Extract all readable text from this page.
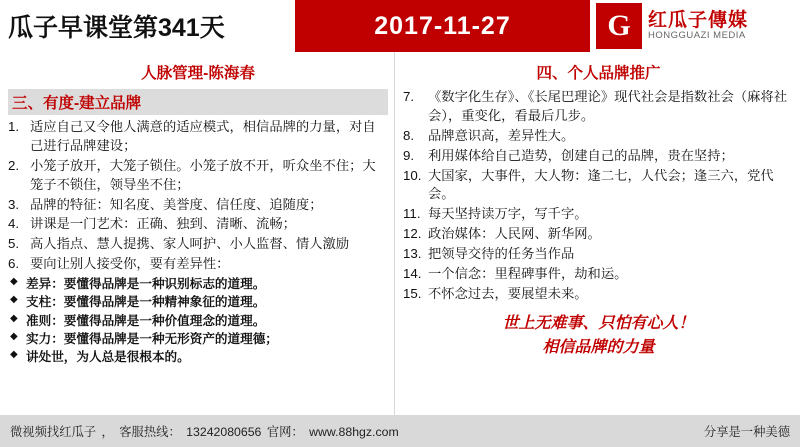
瓜子早课堂第341天	2017-11-27	G 红瓜子傳媒
HONGGUAZI MEDIA
人脉管理-陈海春
三、有度-建立品牌
适应自己又令他人满意的适应模式，相信品牌的力量，对自己进行品牌建设；
小笼子放开，大笼子锁住。小笼子放不开，听众坐不住；大笼子不锁住，领导坐不住；
品牌的特征：知名度、美誉度、信任度、追随度；
讲课是一门艺术：正确、独到、清晰、流畅；
高人指点、慧人提携、家人呵护、小人监督、情人激励
要向让别人接受你，要有差异性：
◆ 差异：要懂得品牌是一种识别标志的道理。
◆ 支柱：要懂得品牌是一种精神象征的道理。
◆ 准则：要懂得品牌是一种价值理念的道理。
◆ 实力：要懂得品牌是一种无形资产的道理德；
◆ 讲处世，为人总是很根本的。
四、个人品牌推广
《数字化生存》、《长尾巴理论》现代社会是指数社会（麻将社会），重变化，看最后几步。
品牌意识高，差异性大。
利用媒体给自己造势，创建自己的品牌，贵在坚持；
大国家，大事件，大人物：逢二七，人代会；逢三六，党代会。
每天坚持读万字，写千字。
政治媒体：人民网、新华网。
把领导交待的任务当作品
一个信念：里程碑事件，劫和运。
不怀念过去，要展望未来。
世上无难事、只怕有心人！
相信品牌的力量
微视频找红瓜子 ， 客服热线： 13242080656 官网： www.88hgz.com	分享是一种美德
